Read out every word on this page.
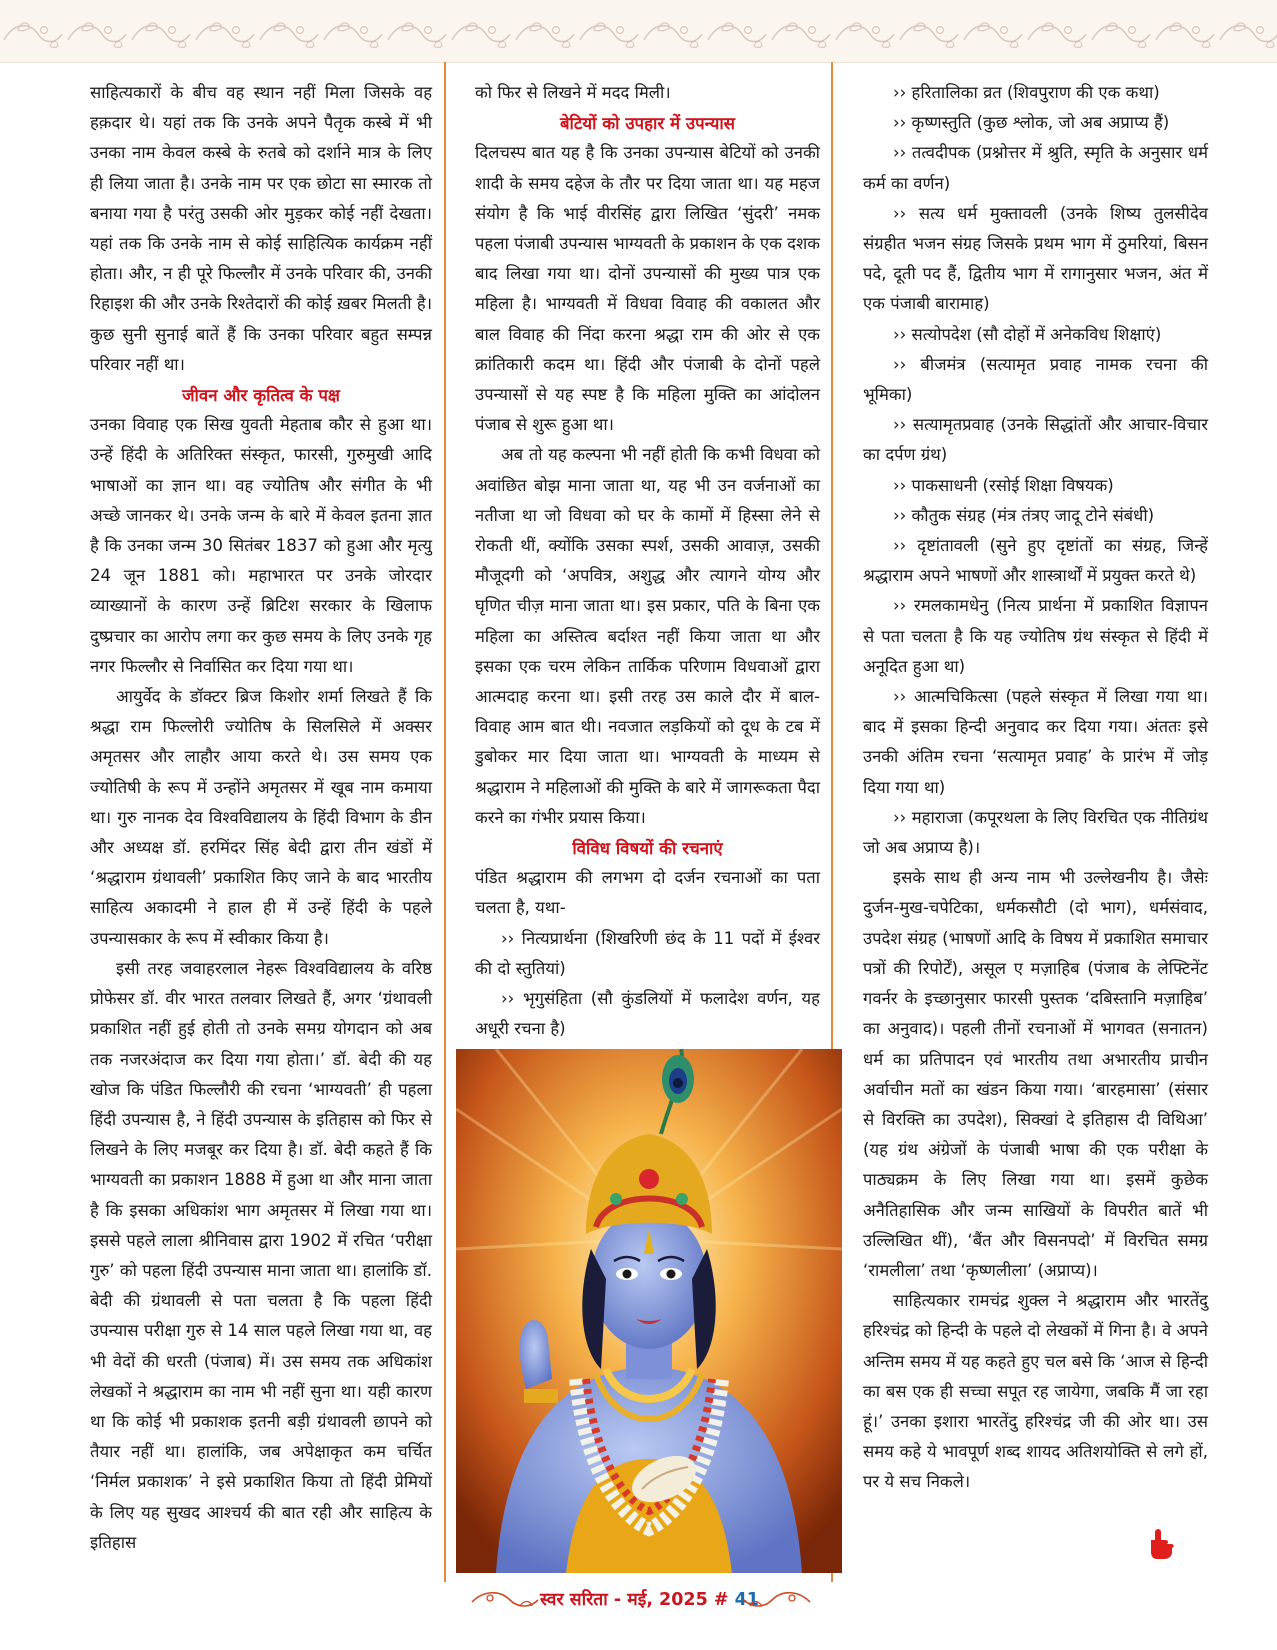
साहित्यकारों के बीच वह स्थान नहीं मिला जिसके वह हक़दार थे। यहां तक कि उनके अपने पैतृक कस्बे में भी उनका नाम केवल कस्बे के रुतबे को दर्शाने मात्र के लिए ही लिया जाता है। उनके नाम पर एक छोटा सा स्मारक तो बनाया गया है परंतु उसकी ओर मुड़कर कोई नहीं देखता। यहां तक कि उनके नाम से कोई साहित्यिक कार्यक्रम नहीं होता। और, न ही पूरे फिल्लौर में उनके परिवार की, उनकी रिहाइश की और उनके रिश्तेदारों की कोई ख़बर मिलती है। कुछ सुनी सुनाई बातें हैं कि उनका परिवार बहुत सम्पन्न परिवार नहीं था।

जीवन और कृतित्व के पक्ष

उनका विवाह एक सिख युवती मेहताब कौर से हुआ था। उन्हें हिंदी के अतिरिक्त संस्कृत, फारसी, गुरुमुखी आदि भाषाओं का ज्ञान था। वह ज्योतिष और संगीत के भी अच्छे जानकर थे। उनके जन्म के बारे में केवल इतना ज्ञात है कि उनका जन्म 30 सितंबर 1837 को हुआ और मृत्यु 24 जून 1881 को। महाभारत पर उनके जोरदार व्याख्यानों के कारण उन्हें ब्रिटिश सरकार के खिलाफ दुष्प्रचार का आरोप लगा कर कुछ समय के लिए उनके गृह नगर फिल्लौर से निर्वासित कर दिया गया था।

आयुर्वेद के डॉक्टर ब्रिज किशोर शर्मा लिखते हैं कि श्रद्धा राम फिल्लोरी ज्योतिष के सिलसिले में अक्सर अमृतसर और लाहौर आया करते थे। उस समय एक ज्योतिषी के रूप में उन्होंने अमृतसर में खूब नाम कमाया था। गुरु नानक देव विश्वविद्यालय के हिंदी विभाग के डीन और अध्यक्ष डॉ. हरमिंदर सिंह बेदी द्वारा तीन खंडों में ‘श्रद्धाराम ग्रंथावली’ प्रकाशित किए जाने के बाद भारतीय साहित्य अकादमी ने हाल ही में उन्हें हिंदी के पहले उपन्यासकार के रूप में स्वीकार किया है।

इसी तरह जवाहरलाल नेहरू विश्वविद्यालय के वरिष्ठ प्रोफेसर डॉ. वीर भारत तलवार लिखते हैं, अगर ‘ग्रंथावली प्रकाशित नहीं हुई होती तो उनके समग्र योगदान को अब तक नजरअंदाज कर दिया गया होता।’ डॉ. बेदी की यह खोज कि पंडित फिल्लौरी की रचना ‘भाग्यवती’ ही पहला हिंदी उपन्यास है, ने हिंदी उपन्यास के इतिहास को फिर से लिखने के लिए मजबूर कर दिया है। डॉ. बेदी कहते हैं कि भाग्यवती का प्रकाशन 1888 में हुआ था और माना जाता है कि इसका अधिकांश भाग अमृतसर में लिखा गया था। इससे पहले लाला श्रीनिवास द्वारा 1902 में रचित ‘परीक्षा गुरु’ को पहला हिंदी उपन्यास माना जाता था। हालांकि डॉ. बेदी की ग्रंथावली से पता चलता है कि पहला हिंदी उपन्यास परीक्षा गुरु से 14 साल पहले लिखा गया था, वह भी वेदों की धरती (पंजाब) में। उस समय तक अधिकांश लेखकों ने श्रद्धाराम का नाम भी नहीं सुना था। यही कारण था कि कोई भी प्रकाशक इतनी बड़ी ग्रंथावली छापने को तैयार नहीं था। हालांकि, जब अपेक्षाकृत कम चर्चित ‘निर्मल प्रकाशक’ ने इसे प्रकाशित किया तो हिंदी प्रेमियों के लिए यह सुखद आश्चर्य की बात रही और साहित्य के इतिहास

को फिर से लिखने में मदद मिली।

बेटियों को उपहार में उपन्यास

दिलचस्प बात यह है कि उनका उपन्यास बेटियों को उनकी शादी के समय दहेज के तौर पर दिया जाता था। यह महज संयोग है कि भाई वीरसिंह द्वारा लिखित ‘सुंदरी’ नमक पहला पंजाबी उपन्यास भाग्यवती के प्रकाशन के एक दशक बाद लिखा गया था। दोनों उपन्यासों की मुख्य पात्र एक महिला है। भाग्यवती में विधवा विवाह की वकालत और बाल विवाह की निंदा करना श्रद्धा राम की ओर से एक क्रांतिकारी कदम था। हिंदी और पंजाबी के दोनों पहले उपन्यासों से यह स्पष्ट है कि महिला मुक्ति का आंदोलन पंजाब से शुरू हुआ था।

अब तो यह कल्पना भी नहीं होती कि कभी विधवा को अवांछित बोझ माना जाता था, यह भी उन वर्जनाओं का नतीजा था जो विधवा को घर के कामों में हिस्सा लेने से रोकती थीं, क्योंकि उसका स्पर्श, उसकी आवाज़, उसकी मौजूदगी को ‘अपवित्र, अशुद्ध और त्यागने योग्य और घृणित चीज़ माना जाता था। इस प्रकार, पति के बिना एक महिला का अस्तित्व बर्दाश्त नहीं किया जाता था और इसका एक चरम लेकिन तार्किक परिणाम विधवाओं द्वारा आत्मदाह करना था। इसी तरह उस काले दौर में बाल-विवाह आम बात थी। नवजात लड़कियों को दूध के टब में डुबोकर मार दिया जाता था। भाग्यवती के माध्यम से श्रद्धाराम ने महिलाओं की मुक्ति के बारे में जागरूकता पैदा करने का गंभीर प्रयास किया।

विविध विषयों की रचनाएं

पंडित श्रद्धाराम की लगभग दो दर्जन रचनाओं का पता चलता है, यथा-

›› नित्यप्रार्थना (शिखरिणी छंद के 11 पदों में ईश्वर की दो स्तुतियां)

›› भृगुसंहिता (सौ कुंडलियों में फलादेश वर्णन, यह अधूरी रचना है)

›› हरितालिका व्रत (शिवपुराण की एक कथा)

›› कृष्णस्तुति (कुछ श्लोक, जो अब अप्राप्य हैं)

›› तत्वदीपक (प्रश्नोत्तर में श्रुति, स्मृति के अनुसार धर्म कर्म का वर्णन)

›› सत्य धर्म मुक्तावली (उनके शिष्य तुलसीदेव संग्रहीत भजन संग्रह जिसके प्रथम भाग में ठुमरियां, बिसन पदे, दूती पद हैं, द्वितीय भाग में रागानुसार भजन, अंत में एक पंजाबी बारामाह)

›› सत्योपदेश (सौ दोहों में अनेकविध शिक्षाएं)

›› बीजमंत्र (सत्यामृत प्रवाह नामक रचना की भूमिका)

›› सत्यामृतप्रवाह (उनके सिद्धांतों और आचार-विचार का दर्पण ग्रंथ)

›› पाकसाधनी (रसोई शिक्षा विषयक)

›› कौतुक संग्रह (मंत्र तंत्रए जादू टोने संबंधी)

›› दृष्टांतावली (सुने हुए दृष्टांतों का संग्रह, जिन्हें श्रद्धाराम अपने भाषणों और शास्त्रार्थों में प्रयुक्त करते थे)

›› रमलकामधेनु (नित्य प्रार्थना में प्रकाशित विज्ञापन से पता चलता है कि यह ज्योतिष ग्रंथ संस्कृत से हिंदी में अनूदित हुआ था)

›› आत्मचिकित्सा (पहले संस्कृत में लिखा गया था। बाद में इसका हिन्दी अनुवाद कर दिया गया। अंततः इसे उनकी अंतिम रचना ‘सत्यामृत प्रवाह’ के प्रारंभ में जोड़ दिया गया था)

›› महाराजा (कपूरथला के लिए विरचित एक नीतिग्रंथ जो अब अप्राप्य है)।

इसके साथ ही अन्य नाम भी उल्लेखनीय है। जैसेः दुर्जन-मुख-चपेटिका, धर्मकसौटी (दो भाग), धर्मसंवाद, उपदेश संग्रह (भाषणों आदि के विषय में प्रकाशित समाचार पत्रों की रिपोर्टें), असूल ए मज़ाहिब (पंजाब के लेफ्टिनेंट गवर्नर के इच्छानुसार फारसी पुस्तक ‘दबिस्तानि मज़ाहिब’ का अनुवाद)। पहली तीनों रचनाओं में भागवत (सनातन) धर्म का प्रतिपादन एवं भारतीय तथा अभारतीय प्राचीन अर्वाचीन मतों का खंडन किया गया। ‘बारहमासा’ (संसार से विरक्ति का उपदेश), सिक्खां दे इतिहास दी विथिआ’ (यह ग्रंथ अंग्रेजों के पंजाबी भाषा की एक परीक्षा के पाठ्यक्रम के लिए लिखा गया था। इसमें कुछेक अनैतिहासिक और जन्म साखियों के विपरीत बातें भी उल्लिखित थीं), ‘बैंत और विसनपदो’ में विरचित समग्र ‘रामलीला’ तथा ‘कृष्णलीला’ (अप्राप्य)।

साहित्यकार रामचंद्र शुक्ल ने श्रद्धाराम और भारतेंदु हरिश्चंद्र को हिन्दी के पहले दो लेखकों में गिना है। वे अपने अन्तिम समय में यह कहते हुए चल बसे कि ‘आज से हिन्दी का बस एक ही सच्चा सपूत रह जायेगा, जबकि मैं जा रहा हूं।’ उनका इशारा भारतेंदु हरिश्चंद्र जी की ओर था। उस समय कहे ये भावपूर्ण शब्द शायद अतिशयोक्ति से लगे हों, पर ये सच निकले।

स्वर सरिता - मई, 2025 # 41
